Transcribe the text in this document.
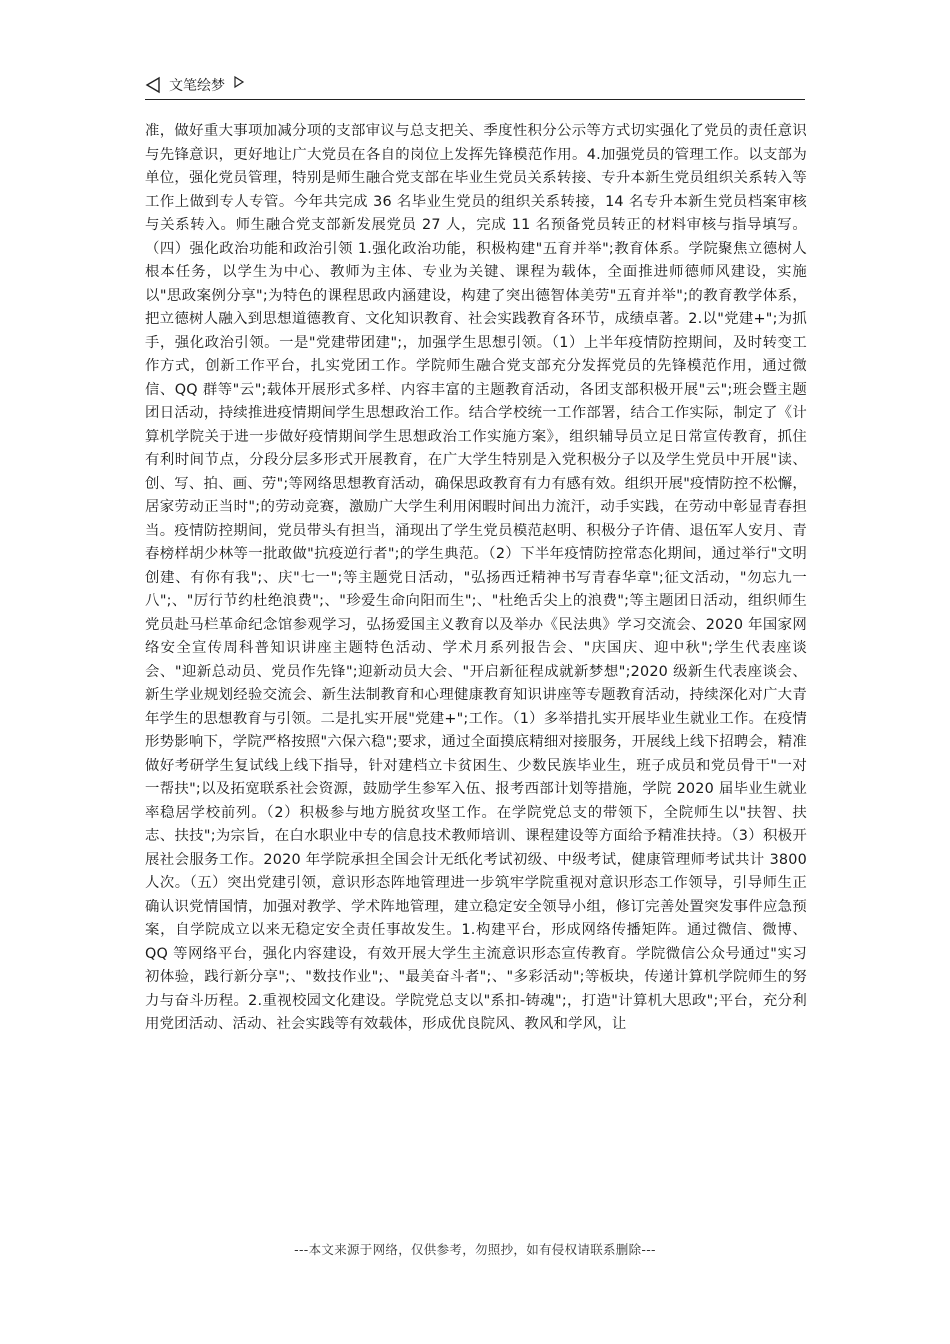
文笔绘梦

准，做好重大事项加减分项的支部审议与总支把关、季度性积分公示等方式切实强化了党员的责任意识与先锋意识，更好地让广大党员在各自的岗位上发挥先锋模范作用。4.加强党员的管理工作。以支部为单位，强化党员管理，特别是师生融合党支部在毕业生党员关系转接、专升本新生党员组织关系转入等工作上做到专人专管。今年共完成 36 名毕业生党员的组织关系转接，14 名专升本新生党员档案审核与关系转入。师生融合党支部新发展党员 27 人，完成 11 名预备党员转正的材料审核与指导填写。（四）强化政治功能和政治引领 1.强化政治功能，积极构建"五育并举";教育体系。学院聚焦立德树人根本任务，以学生为中心、教师为主体、专业为关键、课程为载体，全面推进师德师风建设，实施以"思政案例分享";为特色的课程思政内涵建设，构建了突出德智体美劳"五育并举";的教育教学体系，把立德树人融入到思想道德教育、文化知识教育、社会实践教育各环节，成绩卓著。2.以"党建+";为抓手，强化政治引领。一是"党建带团建";，加强学生思想引领。（1）上半年疫情防控期间，及时转变工作方式，创新工作平台，扎实党团工作。学院师生融合党支部充分发挥党员的先锋模范作用，通过微信、QQ 群等"云";载体开展形式多样、内容丰富的主题教育活动，各团支部积极开展"云";班会暨主题团日活动，持续推进疫情期间学生思想政治工作。结合学校统一工作部署，结合工作实际，制定了《计算机学院关于进一步做好疫情期间学生思想政治工作实施方案》，组织辅导员立足日常宣传教育，抓住有利时间节点，分段分层多形式开展教育，在广大学生特别是入党积极分子以及学生党员中开展"读、创、写、拍、画、劳";等网络思想教育活动，确保思政教育有力有感有效。组织开展"疫情防控不松懈，居家劳动正当时";的劳动竞赛，激励广大学生利用闲暇时间出力流汗，动手实践，在劳动中彰显青春担当。疫情防控期间，党员带头有担当，涌现出了学生党员模范赵明、积极分子许倩、退伍军人安月、青春榜样胡少林等一批敢做"抗疫逆行者";的学生典范。（2）下半年疫情防控常态化期间，通过举行"文明创建、有你有我";、庆"七一";等主题党日活动，"弘扬西迁精神书写青春华章";征文活动，"勿忘九一八";、"厉行节约杜绝浪费";、"珍爱生命向阳而生";、"杜绝舌尖上的浪费";等主题团日活动，组织师生党员赴马栏革命纪念馆参观学习，弘扬爱国主义教育以及举办《民法典》学习交流会、2020 年国家网络安全宣传周科普知识讲座主题特色活动、学术月系列报告会、"庆国庆、迎中秋";学生代表座谈会、"迎新总动员、党员作先锋";迎新动员大会、"开启新征程成就新梦想";2020 级新生代表座谈会、新生学业规划经验交流会、新生法制教育和心理健康教育知识讲座等专题教育活动，持续深化对广大青年学生的思想教育与引领。二是扎实开展"党建+";工作。（1）多举措扎实开展毕业生就业工作。在疫情形势影响下，学院严格按照"六保六稳";要求，通过全面摸底精细对接服务，开展线上线下招聘会，精准做好考研学生复试线上线下指导，针对建档立卡贫困生、少数民族毕业生，班子成员和党员骨干"一对一帮扶";以及拓宽联系社会资源，鼓励学生参军入伍、报考西部计划等措施，学院 2020 届毕业生就业率稳居学校前列。（2）积极参与地方脱贫攻坚工作。在学院党总支的带领下，全院师生以"扶智、扶志、扶技";为宗旨，在白水职业中专的信息技术教师培训、课程建设等方面给予精准扶持。（3）积极开展社会服务工作。2020 年学院承担全国会计无纸化考试初级、中级考试，健康管理师考试共计 3800 人次。（五）突出党建引领，意识形态阵地管理进一步筑牢学院重视对意识形态工作领导，引导师生正确认识党情国情，加强对教学、学术阵地管理，建立稳定安全领导小组，修订完善处置突发事件应急预案，自学院成立以来无稳定安全责任事故发生。1.构建平台，形成网络传播矩阵。通过微信、微博、QQ 等网络平台，强化内容建设，有效开展大学生主流意识形态宣传教育。学院微信公众号通过"实习初体验，践行新分享";、"数技作业";、"最美奋斗者";、"多彩活动";等板块，传递计算机学院师生的努力与奋斗历程。2.重视校园文化建设。学院党总支以"系扣-铸魂";，打造"计算机大思政";平台，充分利用党团活动、活动、社会实践等有效载体，形成优良院风、教风和学风，让

---本文来源于网络，仅供参考，勿照抄，如有侵权请联系删除---
